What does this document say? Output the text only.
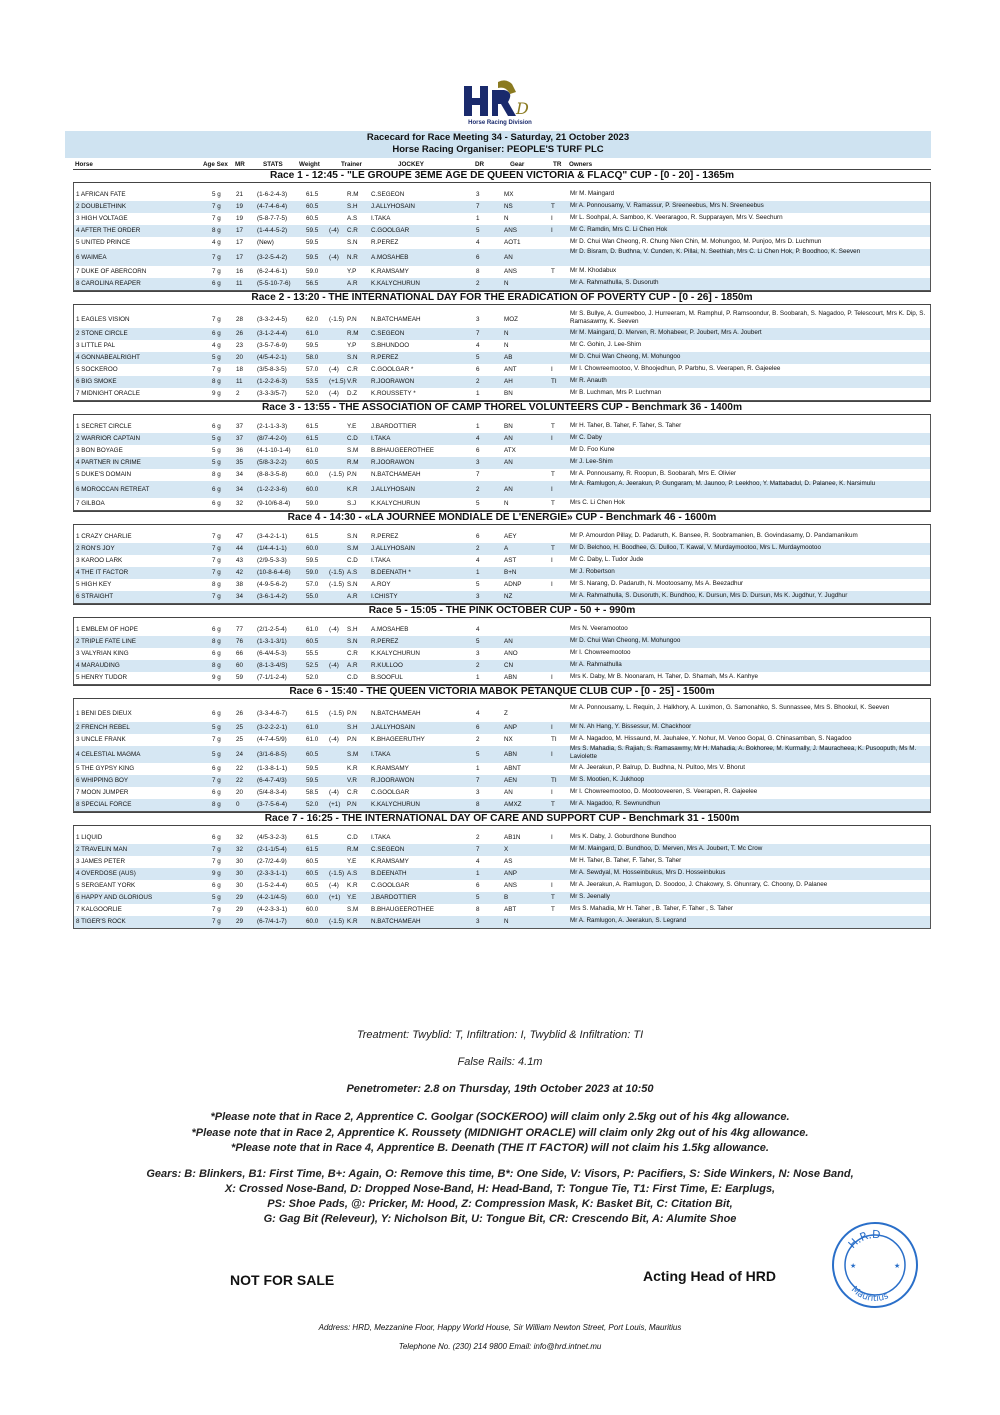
D
Horse Racing Division
Racecard for Race Meeting 34 - Saturday, 21 October 2023
Horse Racing Organiser: PEOPLE'S TURF PLC
Horse	Age Sex MR	STATS	Weight	Trainer	JOCKEY	DR	Gear	TR Owners
Race 1 - 12:45 - "LE GROUPE 3ÈME ÂGE DE QUEEN VICTORIA & FLACQ" CUP - [0 - 20] - 1365m
1 AFRICAN FATE	5 g 21 (1-6-2-4-3)	61.5	R.M C.SEGEON	3	MX	Mr M. Maingard
2 DOUBLETHINK	7 g 19 (4-7-4-6-4)	60.5	S.H J.ALLYHOSAIN	7	NS	T Mr A. Ponnousamy, V. Ramassur, P. Sreeneebus, Mrs N. Sreeneebus
3 HIGH VOLTAGE	7 g 19 (5-8-7-7-5)	60.5	A.S I.TAKA	1	N	I	Mr L. Soohpal, A. Samboo, K. Veeraragoo, R. Supparayen, Mrs V. Seechurn
4 AFTER THE ORDER	8 g 17 (1-4-4-5-2)	59.5 (-4) C.R C.GOOLGAR	5	ANS	I	Mr C. Ramdin, Mrs C. Li Chen Hok
5 UNITED PRINCE	4 g 17 (New)	59.5	S.N R.PEREZ	4	AOT1	Mr D. Chui Wan Cheong, R. Chung Nien Chin, M. Mohungoo, M. Punjoo, Mrs D. Luchmun
6 WAIMEA	7 g 17 (3-2-5-4-2)	59.5 (-4) N.R A.MOSAHEB	6	AN
Mr D. Bisram, D. Budhna, V. Cunden, K. Pillai, N. Seethiah, Mrs C. Li Chen Hok, P. Boodhoo, K. Seeven
7 DUKE OF ABERCORN	7 g 16 (6-2-4-6-1)	59.0	Y.P K.RAMSAMY	8	ANS	T Mr M. Khodabux
8 CAROLINA REAPER	6 g 11 (5-5-10-7-6) 56.5	A.R K.KALYCHURUN	2	N	Mr A. Rahmathulla, S. Dusoruth
Race 2 - 13:20 - THE INTERNATIONAL DAY FOR THE ERADICATION OF POVERTY CUP - [0 - 26] - 1850m
1 EAGLES VISION	7 g 28 (3-3-2-4-5)	62.0 (-1.5) P.N N.BATCHAMEAH	3	MOZ
Mr S. Bullye, A. Gurreeboo, J. Hurreeram, M. Ramphul, P. Ramsoondur, B. Soobarah, S. Nagadoo, P. Telescourt, Mrs K. Dip, S. Ramasawmy, K. Seeven
2 STONE CIRCLE	6 g 26 (3-1-2-4-4)	61.0	R.M C.SEGEON	7	N	Mr M. Maingard, D. Merven, R. Mohabeer, P. Joubert, Mrs A. Joubert
3 LITTLE PAL	4 g 23 (3-5-7-6-9)	59.5	Y.P S.BHUNDOO	4	N	Mr C. Gohin, J. Lee-Shim
4 GONNABEALRIGHT	5 g 20 (4/5-4-2-1)	58.0	S.N R.PEREZ	5	AB	Mr D. Chui Wan Cheong, M. Mohungoo
5 SOCKEROO	7 g 18 (3/5-8-3-5)	57.0 (-4) C.R C.GOOLGAR *	6	ANT	I	Mr I. Chowreemootoo, V. Bhoojedhun, P. Parbhu, S. Veerapen, R. Gajeelee
6 BIG SMOKE	8 g 11 (1-2-2-6-3)	53.5 (+1.5) V.R R.JOORAWON	2	AH	TI Mr R. Anauth
7 MIDNIGHT ORACLE	9 g 2	(3-3-3/5-7)	52.0 (-4) D.Z K.ROUSSETY *	1	BN	Mr B. Luchman, Mrs P. Luchman
Race 3 - 13:55 - THE ASSOCIATION OF CAMP THOREL VOLUNTEERS CUP - Benchmark 36 - 1400m
1 SECRET CIRCLE	6 g 37 (2-1-1-3-3)	61.5	Y.E J.BARDOTTIER	1	BN	T Mr H. Taher, B. Taher, F. Taher, S. Taher
2 WARRIOR CAPTAIN	5 g 37 (8/7-4-2-0)	61.5	C.D I.TAKA	4	AN	I	Mr C. Daby
3 BON BOYAGE	5 g 36 (4-1-10-1-4) 61.0	S.M B.BHAUGEEROTHEE	6	ATX	Mr D. Foo Kune
4 PARTNER IN CRIME	5 g 35 (5/8-3-2-2)	60.5	R.M R.JOORAWON	3	AN	Mr J. Lee-Shim
5 DUKE'S DOMAIN	8 g 34 (8-8-3-5-8)	60.0 (-1.5) P.N N.BATCHAMEAH	7	T Mr A. Ponnousamy, R. Roopun, B. Soobarah, Mrs E. Olivier
6 MOROCCAN RETREAT	6 g 34 (1-2-2-3-6)	60.0	K.R J.ALLYHOSAIN	2	AN	I
Mr A. Ramlugon, A. Jeerakun, P. Gungaram, M. Jaunoo, P. Leekhoo, Y. Mattabadul, D. Palanee, K. Narsimulu
7 GILBOA	6 g 32 (9-10/6-8-4)	59.0	S.J K.KALYCHURUN	5	N	T Mrs C. Li Chen Hok
Race 4 - 14:30 - «LA JOURNÉE MONDIALE DE L'ENERGIE» CUP - Benchmark 46 - 1600m
1 CRAZY CHARLIE	7 g 47 (3-4-2-1-1)	61.5	S.N R.PEREZ	6	AEY	Mr P. Amourdon Pillay, D. Padaruth, K. Bansee, R. Soobramanien, B. Govindasamy, D. Pandamanikum
2 RON'S JOY	7 g 44 (1/4-4-1-1)	60.0	S.M J.ALLYHOSAIN	2	A	T Mr D. Belchoo, H. Boodhee, G. Dulloo, T. Kawal, V. Murdaymootoo, Mrs L. Murdaymootoo
3 KAROO LARK	7 g 43 (2/9-5-3-3)	59.5	C.D I.TAKA	4	AST	I	Mr C. Daby, L. Tudor Jude
4 THE IT FACTOR	7 g 42 (10-8-6-4-6) 59.0 (-1.5) A.S B.DEENATH *	1	B+N	Mr J. Robertson
5 HIGH KEY	8 g 38 (4-9-5-6-2)	57.0 (-1.5) S.N A.ROY	5	ADNP	I	Mr S. Narang, D. Padaruth, N. Mootoosamy, Ms A. Beezadhur
6 STRAIGHT	7 g 34 (3-6-1-4-2)	55.0	A.R I.CHISTY	3	NZ	Mr A. Rahmathulla, S. Dusoruth, K. Bundhoo, K. Dursun, Mrs D. Dursun, Ms K. Jugdhur, Y. Jugdhur
Race 5 - 15:05 - THE PINK OCTOBER CUP - 50 + - 990m
1 EMBLEM OF HOPE	6 g 77 (2/1-2-5-4)	61.0 (-4) S.H A.MOSAHEB	4	Mrs N. Veeramootoo
2 TRIPLE FATE LINE	8 g 76 (1-3-1-3/1)	60.5	S.N R.PEREZ	5	AN	Mr D. Chui Wan Cheong, M. Mohungoo
3 VALYRIAN KING	6 g 66 (6-4/4-5-3)	55.5	C.R K.KALYCHURUN	3	ANO	Mr I. Chowreemootoo
4 MARAUDING	8 g 60 (8-1-3-4/S)	52.5 (-4) A.R R.KULLOO	2	CN	Mr A. Rahmathulla
5 HENRY TUDOR	9 g 59 (7-1/1-2-4)	52.0	C.D B.SOOFUL	1	ABN	I	Mrs K. Daby, Mr B. Noonaram, H. Taher, D. Shamah, Ms A. Kanhye
Race 6 - 15:40 - THE QUEEN VICTORIA MABOK PÉTANQUE CLUB CUP - [0 - 25] - 1500m
1 BENI DES DIEUX	6 g 26 (3-3-4-6-7)	61.5 (-1.5) P.N N.BATCHAMEAH	4	Z
Mr A. Ponnousamy, L. Requin, J. Halkhory, A. Luximon, G. Samonahko, S. Sunnassee, Mrs S. Bhookul, K. Seeven
2 FRENCH REBEL	5 g 25 (3-2-2-2-1)	61.0	S.H J.ALLYHOSAIN	6	ANP	I	Mr N. Ah Hang, Y. Bissessur, M. Chackhoor
3 UNCLE FRANK	7 g 25 (4-7-4-5/9)	61.0 (-4) P.N K.BHAGEERUTHY	2	NX	TI Mr A. Nagadoo, M. Hissaund, M. Jauhalee, Y. Nohur, M. Venoo Gopal, G. Chinasamban, S. Nagadoo
4 CELESTIAL MAGMA	5 g 24 (3/1-6-8-5)	60.5	S.M I.TAKA	5	ABN	I
Mrs S. Mahadia, S. Rajiah, S. Ramasawmy, Mr H. Mahadia, A. Bokhoree, M. Kurmally, J. Mauracheea, K. Pusooputh, Ms M. Laviolette
5 THE GYPSY KING	6 g 22 (1-3-8-1-1)	59.5	K.R K.RAMSAMY	1	ABNT	Mr A. Jeerakun, P. Balrup, D. Budhna, N. Pultoo, Mrs V. Bhorut
6 WHIPPING BOY	7 g 22 (6-4-7-4/3)	59.5	V.R R.JOORAWON	7	AEN	TI Mr S. Mootien, K. Jukhoop
7 MOON JUMPER	6 g 20 (5/4-8-3-4)	58.5 (-4) C.R C.GOOLGAR	3	AN	I	Mr I. Chowreemootoo, D. Mootooveeren, S. Veerapen, R. Gajeelee
8 SPECIAL FORCE	8 g 0	(3-7-5-6-4)	52.0 (+1) P.N K.KALYCHURUN	8	AMXZ	T Mr A. Nagadoo, R. Sewnundhun
Race 7 - 16:25 - THE INTERNATIONAL DAY OF CARE AND SUPPORT CUP - Benchmark 31 - 1500m
1 LIQUID	6 g 32 (4/5-3-2-3)	61.5	C.D I.TAKA	2	AB1N	I	Mrs K. Daby, J. Goburdhone Bundhoo
2 TRAVELIN MAN	7 g 32 (2-1-1/5-4)	61.5	R.M C.SEGEON	7	X	Mr M. Maingard, D. Bundhoo, D. Merven, Mrs A. Joubert, T. Mc Crow
3 JAMES PETER	7 g 30 (2-7/2-4-9)	60.5	Y.E K.RAMSAMY	4	AS	Mr H. Taher, B. Taher, F. Taher, S. Taher
4 OVERDOSE (AUS)	9 g 30 (2-3-3-1-1)	60.5 (-1.5) A.S B.DEENATH	1	ANP	Mr A. Sewdyal, M. Hosseinbukus, Mrs D. Hosseinbukus
5 SERGEANT YORK	6 g 30 (1-5-2-4-4)	60.5 (-4) K.R C.GOOLGAR	6	ANS	I	Mr A. Jeerakun, A. Ramlugon, D. Soodoo, J. Chakowry, S. Ghunrary, C. Choony, D. Palanee
6 HAPPY AND GLORIOUS	5 g 29 (4-2-1/4-5)	60.0 (+1) Y.E J.BARDOTTIER	5	B	T Mr S. Jeenally
7 KALGOORLIE	7 g 29 (4-2-3-3-1)	60.0	S.M B.BHAUGEEROTHEE	8	ABT	T Mrs S. Mahadia, Mr H. Taher , B. Taher, F. Taher , S. Taher
8 TIGER'S ROCK	7 g 29 (6-7/4-1-7)	60.0 (-1.5) K.R N.BATCHAMEAH	3	N	Mr A. Ramlugon, A. Jeerakun, S. Legrand
Treatment: Twyblid: T, Infiltration: I, Twyblid & Infiltration: TI
False Rails: 4.1m
Penetrometer: 2.8 on Thursday, 19th October 2023 at 10:50
*Please note that in Race 2, Apprentice C. Goolgar (SOCKEROO) will claim only 2.5kg out of his 4kg allowance.
*Please note that in Race 2, Apprentice K. Roussety (MIDNIGHT ORACLE) will claim only 2kg out of his 4kg allowance.
*Please note that in Race 4, Apprentice B. Deenath (THE IT FACTOR) will not claim his 1.5kg allowance.
Gears: B: Blinkers, B1: First Time, B+: Again, O: Remove this time, B*: One Side, V: Visors, P: Pacifiers, S: Side Winkers, N: Nose Band,
X: Crossed Nose-Band, D: Dropped Nose-Band, H: Head-Band, T: Tongue Tie, T1: First Time, E: Earplugs,
PS: Shoe Pads, @: Pricker, M: Hood, Z: Compression Mask, K: Basket Bit, C: Citation Bit,
G: Gag Bit (Releveur), Y: Nicholson Bit, U: Tongue Bit, CR: Crescendo Bit, A: Alumite Shoe
NOT FOR SALE	Acting Head of HRD
★	★
H.R.D
Mauritius
Address: HRD, Mezzanine Floor, Happy World House, Sir William Newton Street, Port Louis, Mauritius
Telephone No. (230) 214 9800 Email: info@hrd.intnet.mu
